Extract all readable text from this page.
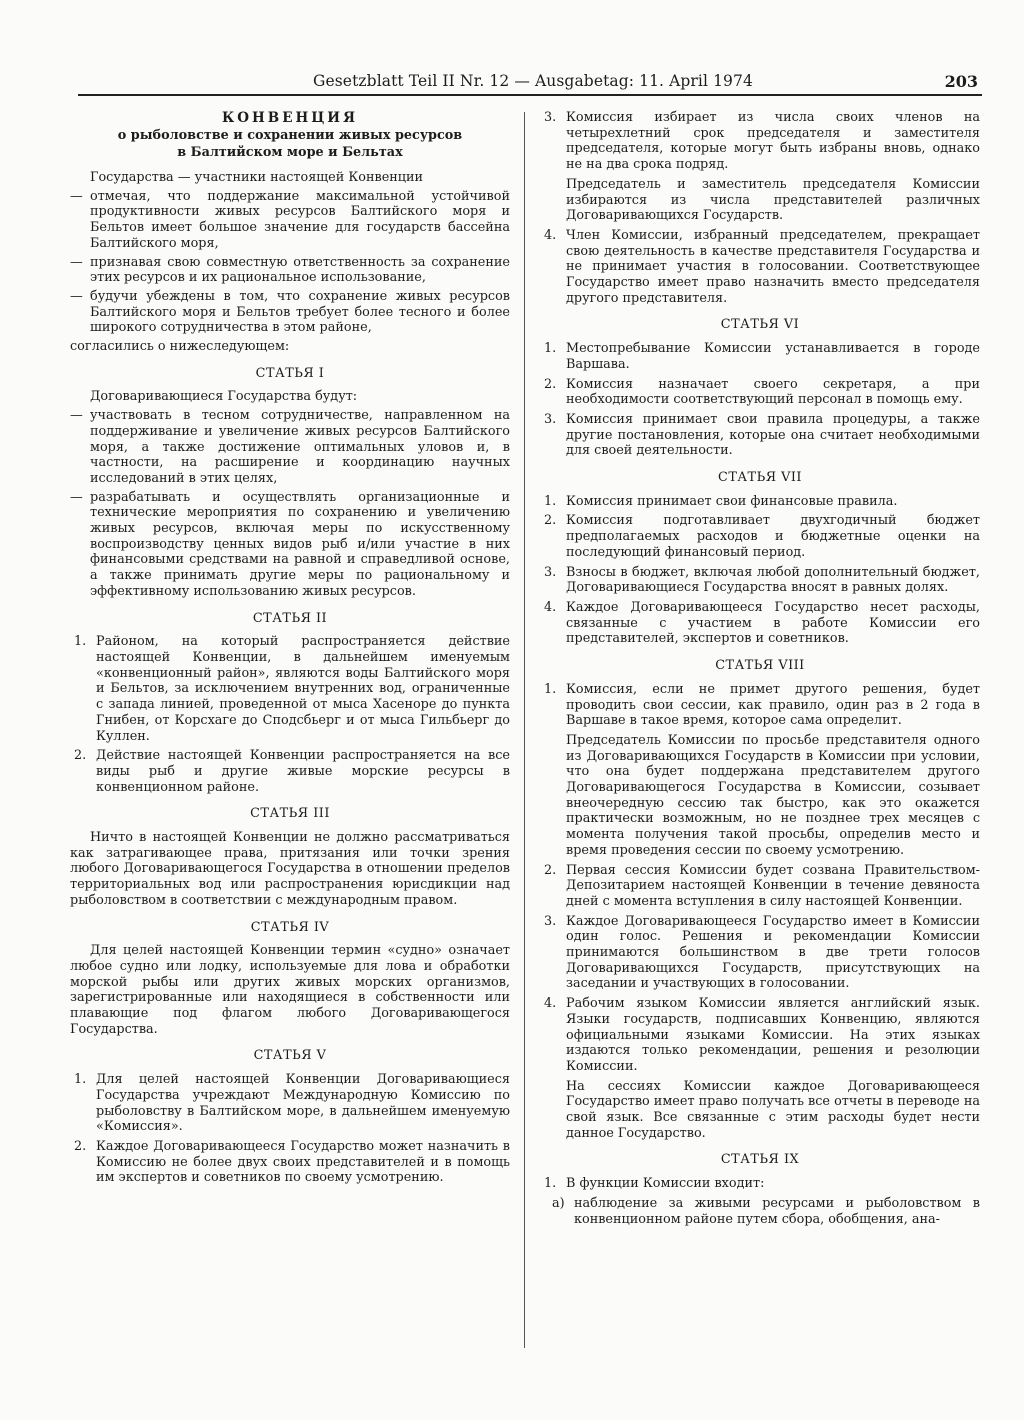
Gesetzblatt Teil II Nr. 12 — Ausgabetag: 11. April 1974	203

КОНВЕНЦИЯ

о рыболовстве и сохранении живых ресурсов

в Балтийском море и Бельтах

Государства — участники настоящей Конвенции

— отмечая, что поддержание максимальной устойчивой продуктивности живых ресурсов Балтийского моря и Бельтов имеет большое значение для государств бассейна Балтийского моря,
— признавая свою совместную ответственность за сохранение этих ресурсов и их рациональное использование,
— будучи убеждены в том, что сохранение живых ресурсов Балтийского моря и Бельтов требует более тесного и более широкого сотрудничества в этом районе,

согласились о нижеследующем:

СТАТЬЯ I

Договаривающиеся Государства будут:

— участвовать в тесном сотрудничестве, направленном на поддерживание и увеличение живых ресурсов Балтийского моря, а также достижение оптимальных уловов и, в частности, на расширение и координацию научных исследований в этих целях,
— разрабатывать и осуществлять организационные и технические мероприятия по сохранению и увеличению живых ресурсов, включая меры по искусственному воспроизводству ценных видов рыб и/или участие в них финансовыми средствами на равной и справедливой основе, а также принимать другие меры по рациональному и эффективному использованию живых ресурсов.

СТАТЬЯ II

1. Районом, на который распространяется действие настоящей Конвенции, в дальнейшем именуемым «конвенционный район», являются воды Балтийского моря и Бельтов, за исключением внутренних вод, ограниченные с запада линией, проведенной от мыса Хасеноре до пункта Гнибен, от Корсхаге до Сподсбьерг и от мыса Гильбьерг до Куллен.
2. Действие настоящей Конвенции распространяется на все виды рыб и другие живые морские ресурсы в конвенционном районе.

СТАТЬЯ III

Ничто в настоящей Конвенции не должно рассматриваться как затрагивающее права, притязания или точки зрения любого Договаривающегося Государства в отношении пределов территориальных вод или распространения юрисдикции над рыболовством в соответствии с международным правом.

СТАТЬЯ IV

Для целей настоящей Конвенции термин «судно» означает любое судно или лодку, используемые для лова и обработки морской рыбы или других живых морских организмов, зарегистрированные или находящиеся в собственности или плавающие под флагом любого Договаривающегося Государства.

СТАТЬЯ V

1. Для целей настоящей Конвенции Договаривающиеся Государства учреждают Международную Комиссию по рыболовству в Балтийском море, в дальнейшем именуемую «Комиссия».
2. Каждое Договаривающееся Государство может назначить в Комиссию не более двух своих представителей и в помощь им экспертов и советников по своему усмотрению.
3. Комиссия избирает из числа своих членов на четырехлетний срок председателя и заместителя председателя, которые могут быть избраны вновь, однако не на два срока подряд.

Председатель и заместитель председателя Комиссии избираются из числа представителей различных Договаривающихся Государств.

4. Член Комиссии, избранный председателем, прекращает свою деятельность в качестве представителя Государства и не принимает участия в голосовании. Соответствующее Государство имеет право назначить вместо председателя другого представителя.

СТАТЬЯ VI

1. Местопребывание Комиссии устанавливается в городе Варшава.
2. Комиссия назначает своего секретаря, а при необходимости соответствующий персонал в помощь ему.
3. Комиссия принимает свои правила процедуры, а также другие постановления, которые она считает необходимыми для своей деятельности.

СТАТЬЯ VII

1. Комиссия принимает свои финансовые правила.
2. Комиссия подготавливает двухгодичный бюджет предполагаемых расходов и бюджетные оценки на последующий финансовый период.
3. Взносы в бюджет, включая любой дополнительный бюджет, Договаривающиеся Государства вносят в равных долях.
4. Каждое Договаривающееся Государство несет расходы, связанные с участием в работе Комиссии его представителей, экспертов и советников.

СТАТЬЯ VIII

1. Комиссия, если не примет другого решения, будет проводить свои сессии, как правило, один раз в 2 года в Варшаве в такое время, которое сама определит.

Председатель Комиссии по просьбе представителя одного из Договаривающихся Государств в Комиссии при условии, что она будет поддержана представителем другого Договаривающегося Государства в Комиссии, созывает внеочередную сессию так быстро, как это окажется практически возможным, но не позднее трех месяцев с момента получения такой просьбы, определив место и время проведения сессии по своему усмотрению.

2. Первая сессия Комиссии будет созвана Правительством-Депозитарием настоящей Конвенции в течение девяноста дней с момента вступления в силу настоящей Конвенции.
3. Каждое Договаривающееся Государство имеет в Комиссии один голос. Решения и рекомендации Комиссии принимаются большинством в две трети голосов Договаривающихся Государств, присутствующих на заседании и участвующих в голосовании.
4. Рабочим языком Комиссии является английский язык. Языки государств, подписавших Конвенцию, являются официальными языками Комиссии. На этих языках издаются только рекомендации, решения и резолюции Комиссии.

На сессиях Комиссии каждое Договаривающееся Государство имеет право получать все отчеты в переводе на свой язык. Все связанные с этим расходы будет нести данное Государство.

СТАТЬЯ IX

1. В функции Комиссии входит:
а) наблюдение за живыми ресурсами и рыболовством в конвенционном районе путем сбора, обобщения, ана-
